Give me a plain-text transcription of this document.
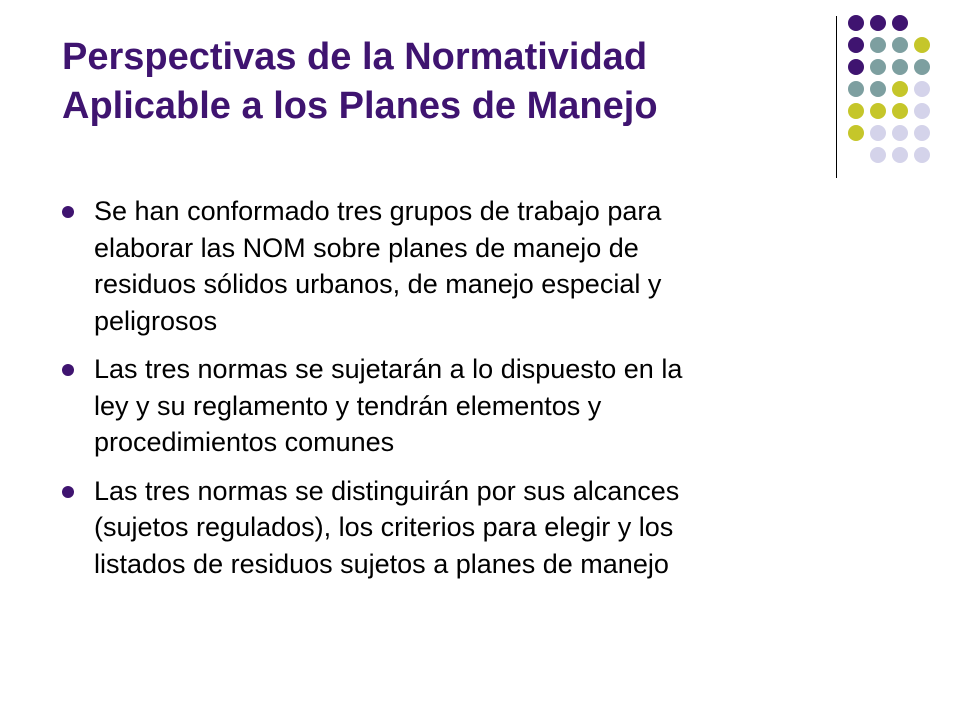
Perspectivas de la Normatividad
Aplicable a los Planes de Manejo
Se han conformado tres grupos de trabajo para
elaborar las NOM sobre planes de manejo de
residuos sólidos urbanos, de manejo especial y
peligrosos
Las tres normas se sujetarán a lo dispuesto en la
ley y su reglamento y tendrán elementos y
procedimientos comunes
Las tres normas se distinguirán por sus alcances
(sujetos regulados), los criterios para elegir y los
listados de residuos sujetos a planes de manejo
